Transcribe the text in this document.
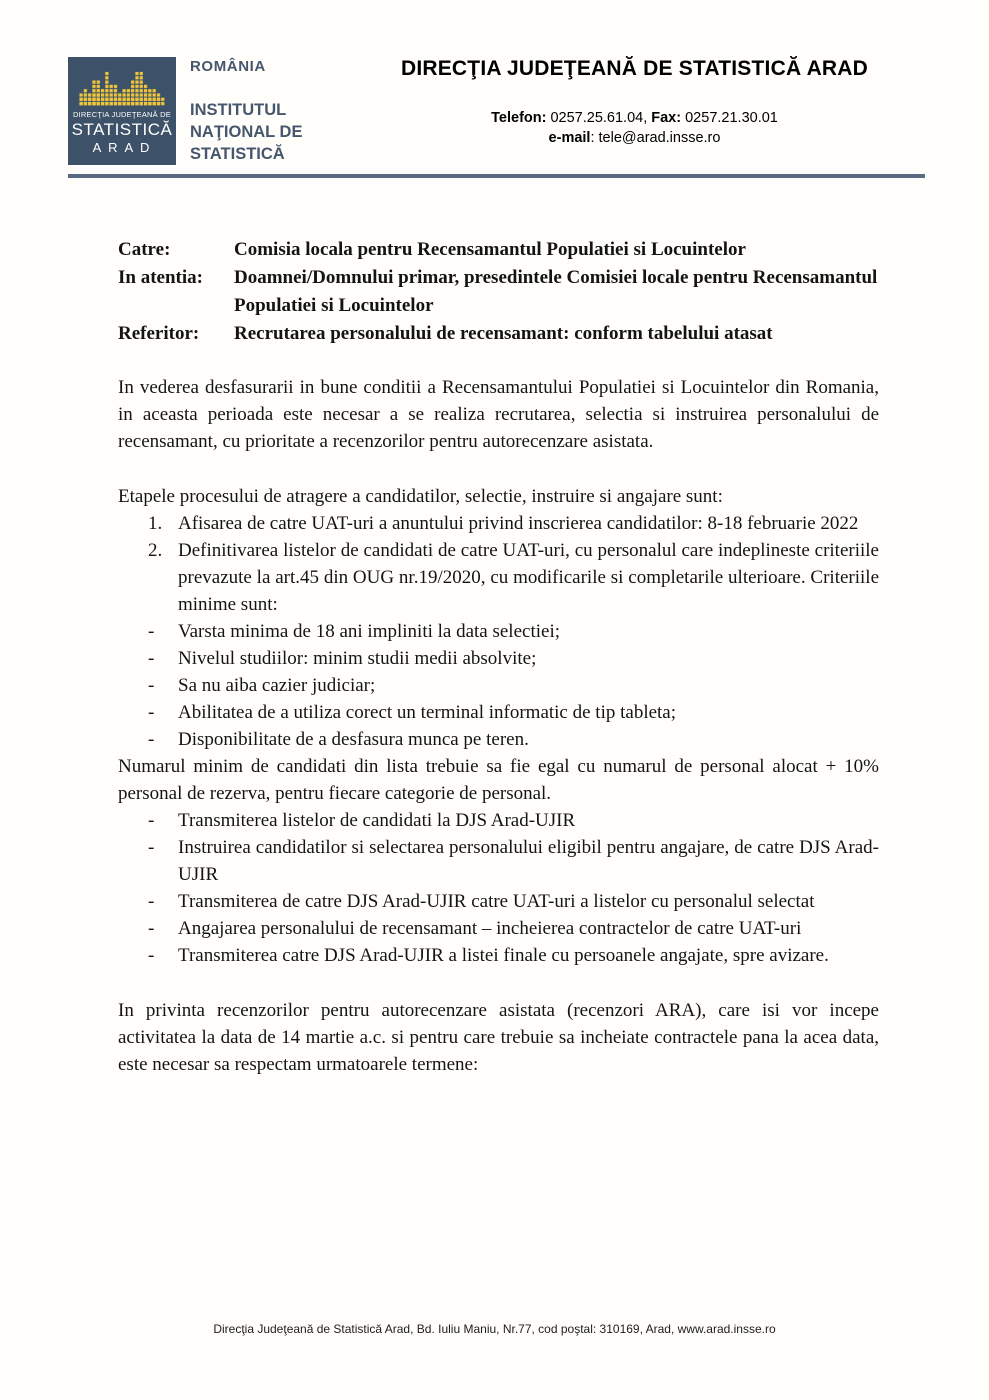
DIRECŢIA JUDEŢEANĂ DE
STATISTICĂ
A R A D
ROMÂNIA
INSTITUTUL
NAŢIONAL DE
STATISTICĂ
DIRECŢIA JUDEŢEANĂ DE STATISTICĂ ARAD
Telefon: 0257.25.61.04, Fax: 0257.21.30.01
e-mail: tele@arad.insse.ro
Catre:	Comisia locala pentru Recensamantul Populatiei si Locuintelor
In atentia:	Doamnei/Domnului primar, presedintele Comisiei locale pentru Recensamantul Populatiei si Locuintelor
Referitor:	Recrutarea personalului de recensamant: conform tabelului atasat

In vederea desfasurarii in bune conditii a Recensamantului Populatiei si Locuintelor din Romania, in aceasta perioada este necesar a se realiza recrutarea, selectia si instruirea personalului de recensamant, cu prioritate a recenzorilor pentru autorecenzare asistata.

Etapele procesului de atragere a candidatilor, selectie, instruire si angajare sunt:

Afisarea de catre UAT-uri a anuntului privind inscrierea candidatilor: 8-18 februarie 2022
Definitivarea listelor de candidati de catre UAT-uri, cu personalul care indeplineste criteriile prevazute la art.45 din OUG nr.19/2020, cu modificarile si completarile ulterioare. Criteriile minime sunt:
- Varsta minima de 18 ani impliniti la data selectiei;
- Nivelul studiilor: minim studii medii absolvite;
- Sa nu aiba cazier judiciar;
- Abilitatea de a utiliza corect un terminal informatic de tip tableta;
- Disponibilitate de a desfasura munca pe teren.

Numarul minim de candidati din lista trebuie sa fie egal cu numarul de personal alocat + 10% personal de rezerva, pentru fiecare categorie de personal.

- Transmiterea listelor de candidati la DJS Arad-UJIR
- Instruirea candidatilor si selectarea personalului eligibil pentru angajare, de catre DJS Arad-UJIR
- Transmiterea de catre DJS Arad-UJIR catre UAT-uri a listelor cu personalul selectat
- Angajarea personalului de recensamant – incheierea contractelor de catre UAT-uri
- Transmiterea catre DJS Arad-UJIR a listei finale cu persoanele angajate, spre avizare.

In privinta recenzorilor pentru autorecenzare asistata (recenzori ARA), care isi vor incepe activitatea la data de 14 martie a.c. si pentru care trebuie sa incheiate contractele pana la acea data, este necesar sa respectam urmatoarele termene:

Direcţia Judeţeană de Statistică Arad, Bd. Iuliu Maniu, Nr.77, cod poştal: 310169, Arad, www.arad.insse.ro
